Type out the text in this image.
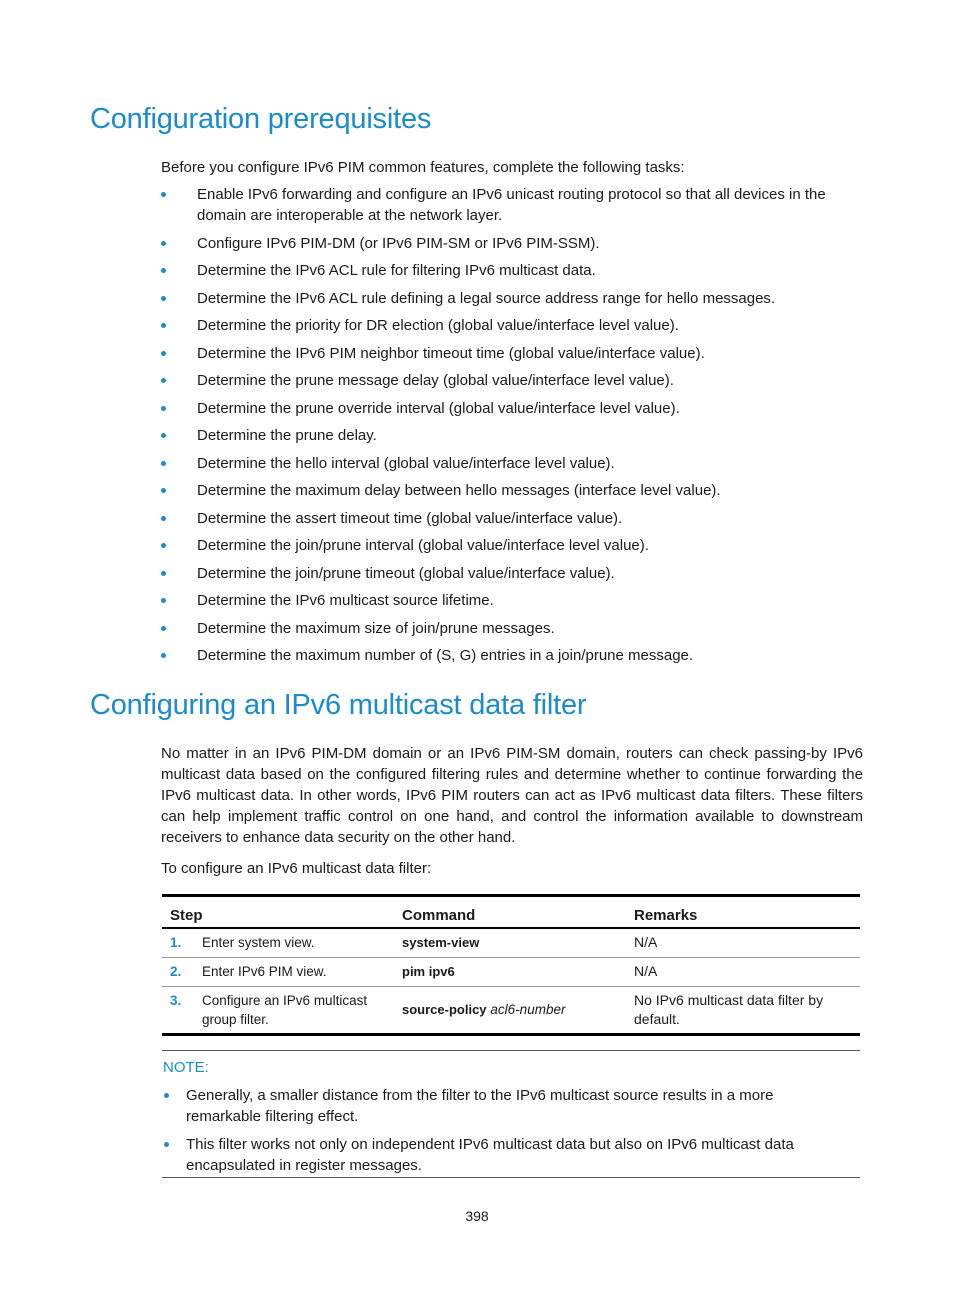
Configuration prerequisites

Before you configure IPv6 PIM common features, complete the following tasks:

Enable IPv6 forwarding and configure an IPv6 unicast routing protocol so that all devices in the domain are interoperable at the network layer.
Configure IPv6 PIM-DM (or IPv6 PIM-SM or IPv6 PIM-SSM).
Determine the IPv6 ACL rule for filtering IPv6 multicast data.
Determine the IPv6 ACL rule defining a legal source address range for hello messages.
Determine the priority for DR election (global value/interface level value).
Determine the IPv6 PIM neighbor timeout time (global value/interface value).
Determine the prune message delay (global value/interface level value).
Determine the prune override interval (global value/interface level value).
Determine the prune delay.
Determine the hello interval (global value/interface level value).
Determine the maximum delay between hello messages (interface level value).
Determine the assert timeout time (global value/interface value).
Determine the join/prune interval (global value/interface level value).
Determine the join/prune timeout (global value/interface value).
Determine the IPv6 multicast source lifetime.
Determine the maximum size of join/prune messages.
Determine the maximum number of (S, G) entries in a join/prune message.
Configuring an IPv6 multicast data filter

No matter in an IPv6 PIM-DM domain or an IPv6 PIM-SM domain, routers can check passing-by IPv6 multicast data based on the configured filtering rules and determine whether to continue forwarding the IPv6 multicast data. In other words, IPv6 PIM routers can act as IPv6 multicast data filters. These filters can help implement traffic control on one hand, and control the information available to downstream receivers to enhance data security on the other hand.

To configure an IPv6 multicast data filter:

Step	Command	Remarks

1. Enter system view.	system-view	N/A

2. Enter IPv6 PIM view.	pim ipv6	N/A

3. Configure an IPv6 multicast group filter.	source-policy acl6-number	No IPv6 multicast data filter by default.
NOTE:
Generally, a smaller distance from the filter to the IPv6 multicast source results in a more remarkable filtering effect.
This filter works not only on independent IPv6 multicast data but also on IPv6 multicast data encapsulated in register messages.
398
